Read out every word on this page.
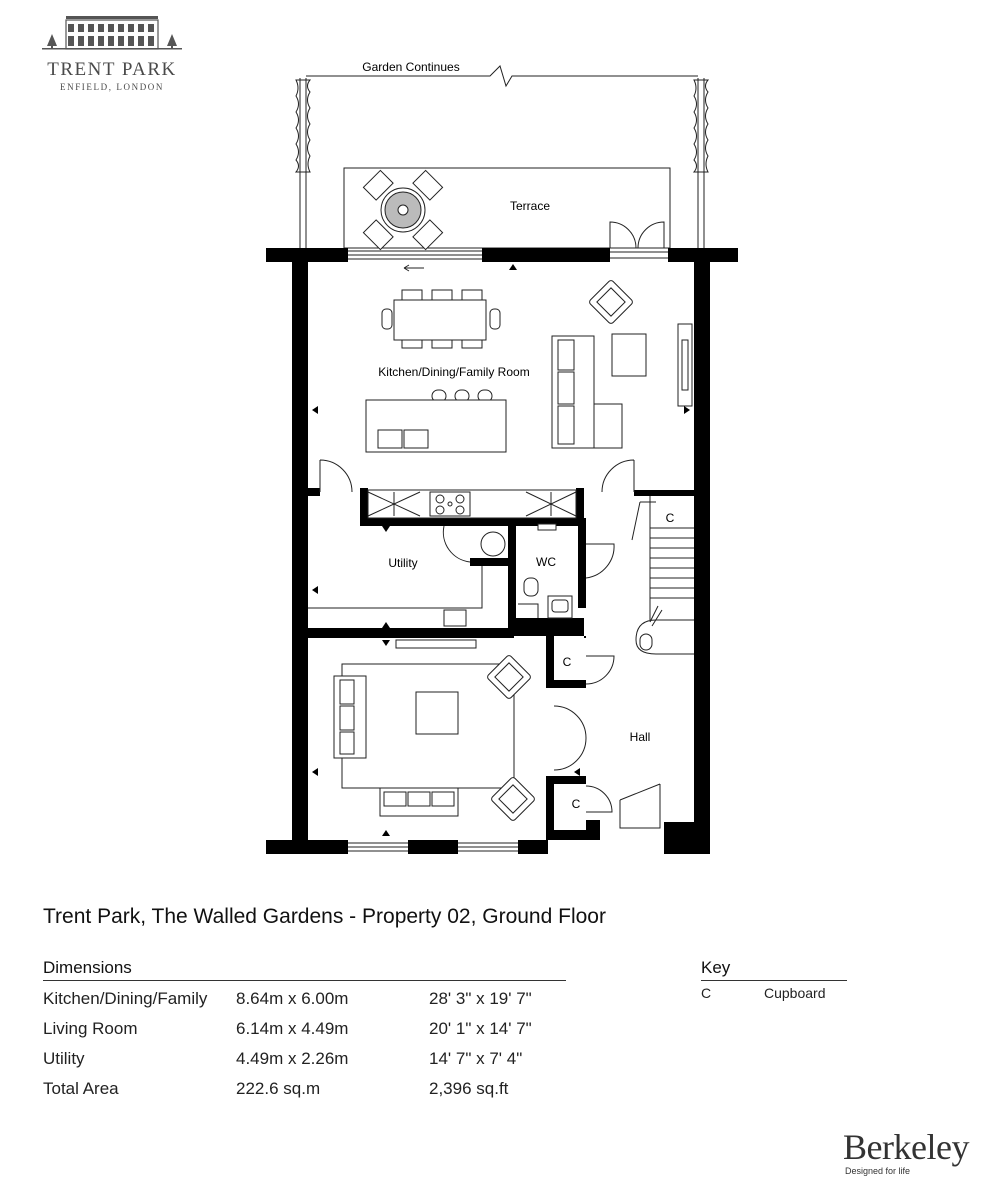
TRENT PARK
ENFIELD, LONDON
Garden Continues
Terrace
Kitchen/Dining/Family Room
Utility	WC
C
C
C
Hall
Trent Park, The Walled Gardens - Property 02, Ground Floor
Dimensions
Kitchen/Dining/Family 8.64m x 6.00m	28' 3" x 19' 7"
Living Room	6.14m x 4.49m	20' 1" x 14' 7"
Utility	4.49m x 2.26m	14' 7" x 7' 4"
Total Area	222.6 sq.m	2,396 sq.ft
Key
C	Cupboard
Berkeley
Designed for life
